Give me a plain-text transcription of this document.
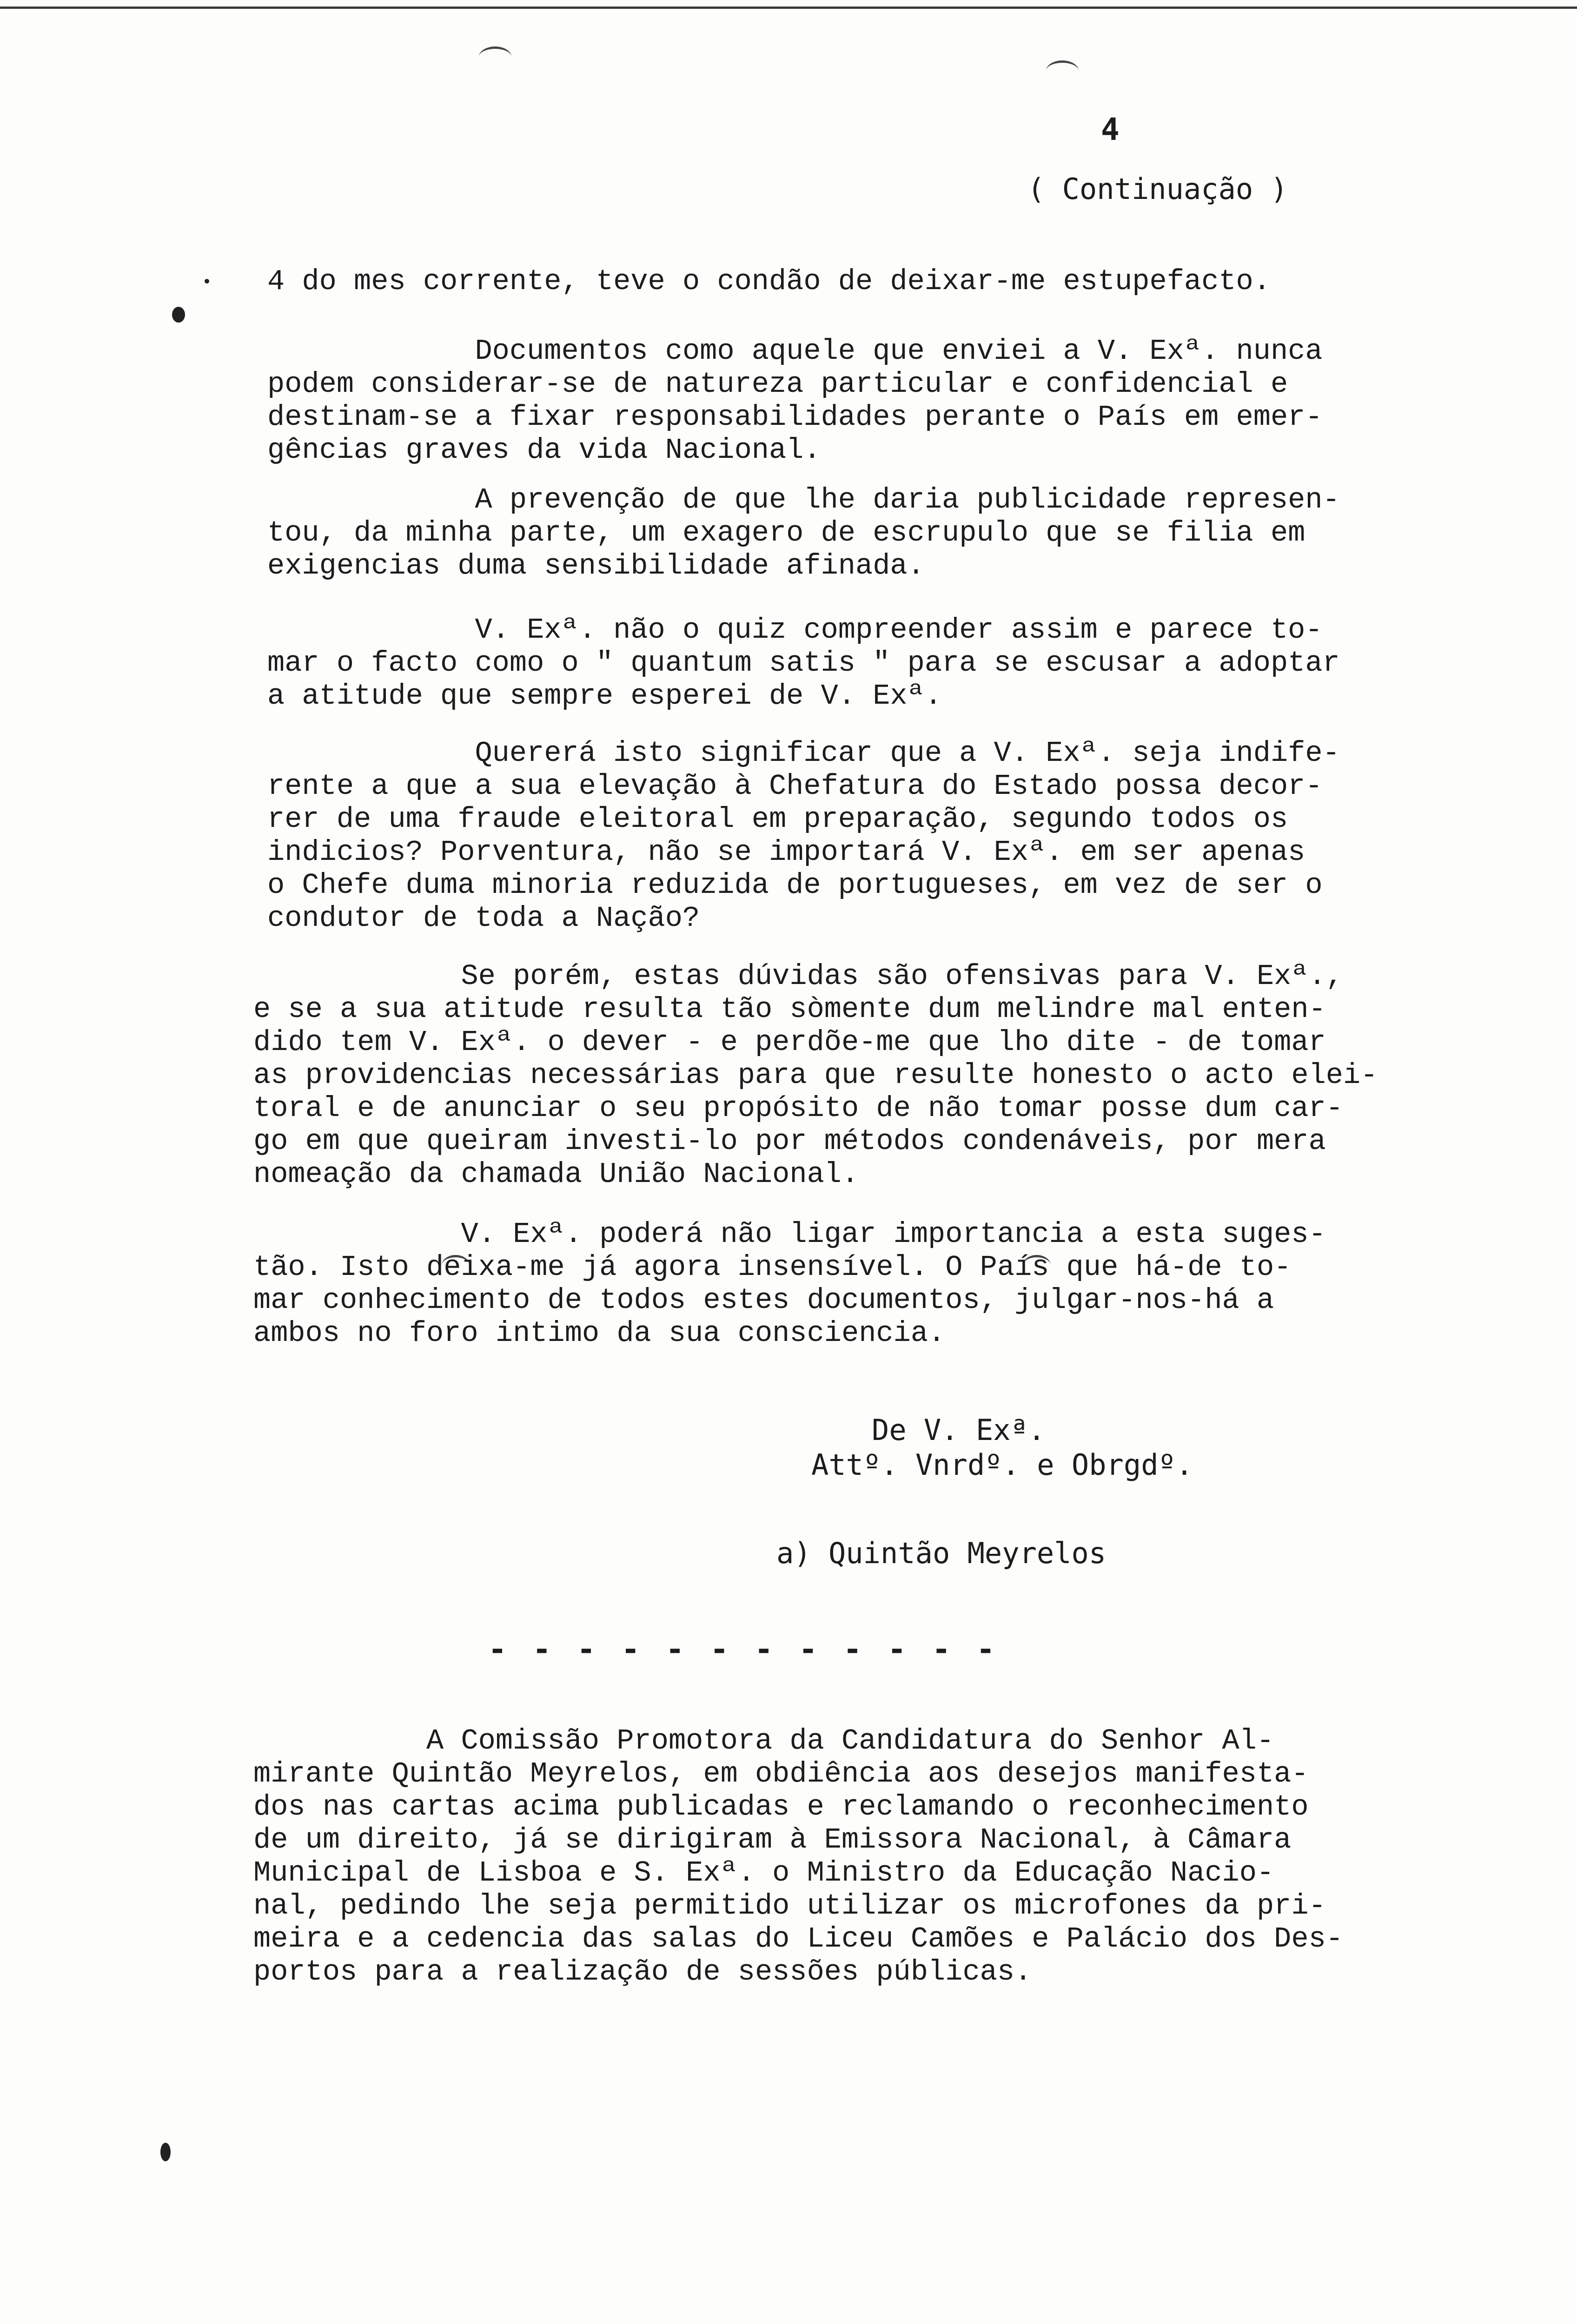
4
( Continuação )
4 do mes corrente, teve o condão de deixar-me estupefacto.
Documentos como aquele que enviei a V. Exª. nunca
podem considerar-se de natureza particular e confidencial e
destinam-se a fixar responsabilidades perante o País em emer-
gências graves da vida Nacional.
A prevenção de que lhe daria publicidade represen-
tou, da minha parte, um exagero de escrupulo que se filia em
exigencias duma sensibilidade afinada.
V. Exª. não o quiz compreender assim e parece to-
mar o facto como o " quantum satis " para se escusar a adoptar
a atitude que sempre esperei de V. Exª.
Quererá isto significar que a V. Exª. seja indife-
rente a que a sua elevação à Chefatura do Estado possa decor-
rer de uma fraude eleitoral em preparação, segundo todos os
indicios? Porventura, não se importará V. Exª. em ser apenas
o Chefe duma minoria reduzida de portugueses, em vez de ser o
condutor de toda a Nação?
Se porém, estas dúvidas são ofensivas para V. Exª.,
e se a sua atitude resulta tão sòmente dum melindre mal enten-
dido tem V. Exª. o dever - e perdõe-me que lho dite - de tomar
as providencias necessárias para que resulte honesto o acto elei-
toral e de anunciar o seu propósito de não tomar posse dum car-
go em que queiram investi-lo por métodos condenáveis, por mera
nomeação da chamada União Nacional.
V. Exª. poderá não ligar importancia a esta suges-
tão. Isto deixa-me já agora insensível. O País que há-de to-
mar conhecimento de todos estes documentos, julgar-nos-há a
ambos no foro intimo da sua consciencia.
De V. Exª.
Attº. Vnrdº. e Obrgdº.
a) Quintão Meyrelos
- - - - - - - - - - - -
A Comissão Promotora da Candidatura do Senhor Al-
mirante Quintão Meyrelos, em obdiência aos desejos manifesta-
dos nas cartas acima publicadas e reclamando o reconhecimento
de um direito, já se dirigiram à Emissora Nacional, à Câmara
Municipal de Lisboa e S. Exª. o Ministro da Educação Nacio-
nal, pedindo lhe seja permitido utilizar os microfones da pri-
meira e a cedencia das salas do Liceu Camões e Palácio dos Des-
portos para a realização de sessões públicas.
